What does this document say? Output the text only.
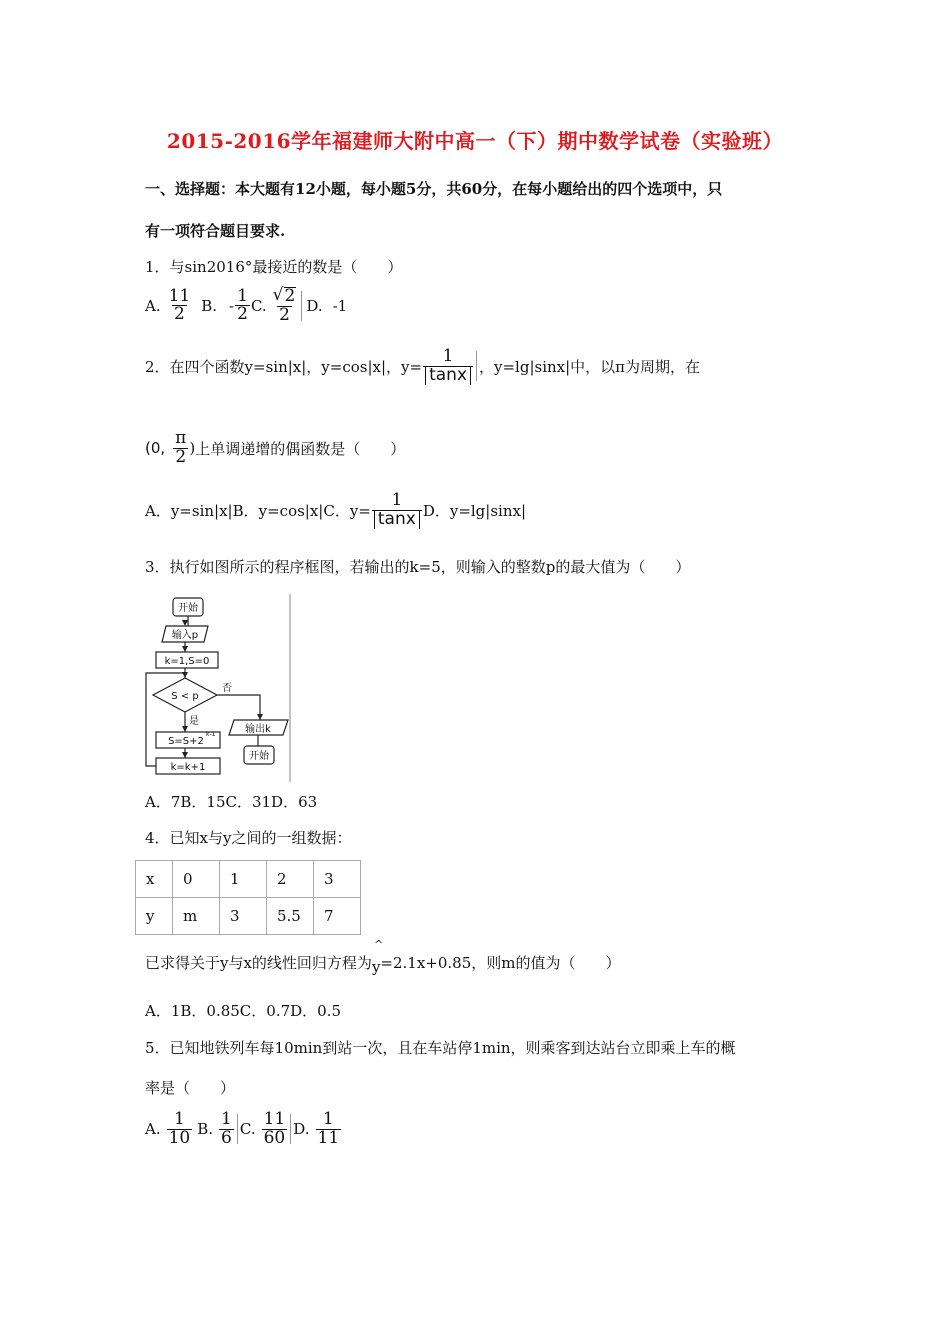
2015-2016学年福建师大附中高一（下）期中数学试卷（实验班）
一、选择题：本大题有12小题，每小题5分，共60分，在每小题给出的四个选项中，只
有一项符合题目要求.
1．与sin2016°最接近的数是（　　）
A. $\frac{11}{2} B$. - $\frac{1}{2} C$. $\frac{√ 2}{2} D$. -1
2．在四个函数y=sin|x|，y=cos|x|，$y= \frac{1}{\tan x}$ ，y=lg|sinx|中，以π为周期，在
(0, $\frac{\pi}{2}$ ) 上单调递增的偶函数是（　　）
A．y=sin|x|B．y=cos|x|C．$y= \frac{1}{\tan x}$ D．y=lg|sinx|
3．执行如图所示的程序框图，若输出的k=5，则输入的整数p的最大值为（　　）
开始
输入p
k=1,S=0
S < p
否
是
S=S+2
k-1
k=k+1
输出k
开始
A．7B．15C．31D．63
4．已知x与y之间的一组数据：
x	0	1	2	3
y	m	3	5.5	7
已求得关于y与x的线性回归方程为
^
y=2.1x+0.85，则m的值为（　　）
A．1B．0.85C．0.7D．0.5
5．已知地铁列车每10min到站一次，且在车站停1min，则乘客到达站台立即乘上车的概
率是（　　）
A. $\frac{1}{10} B$. $\frac{1}{6} C$. $\frac{11}{60} D$. $\frac{1}{11}$
